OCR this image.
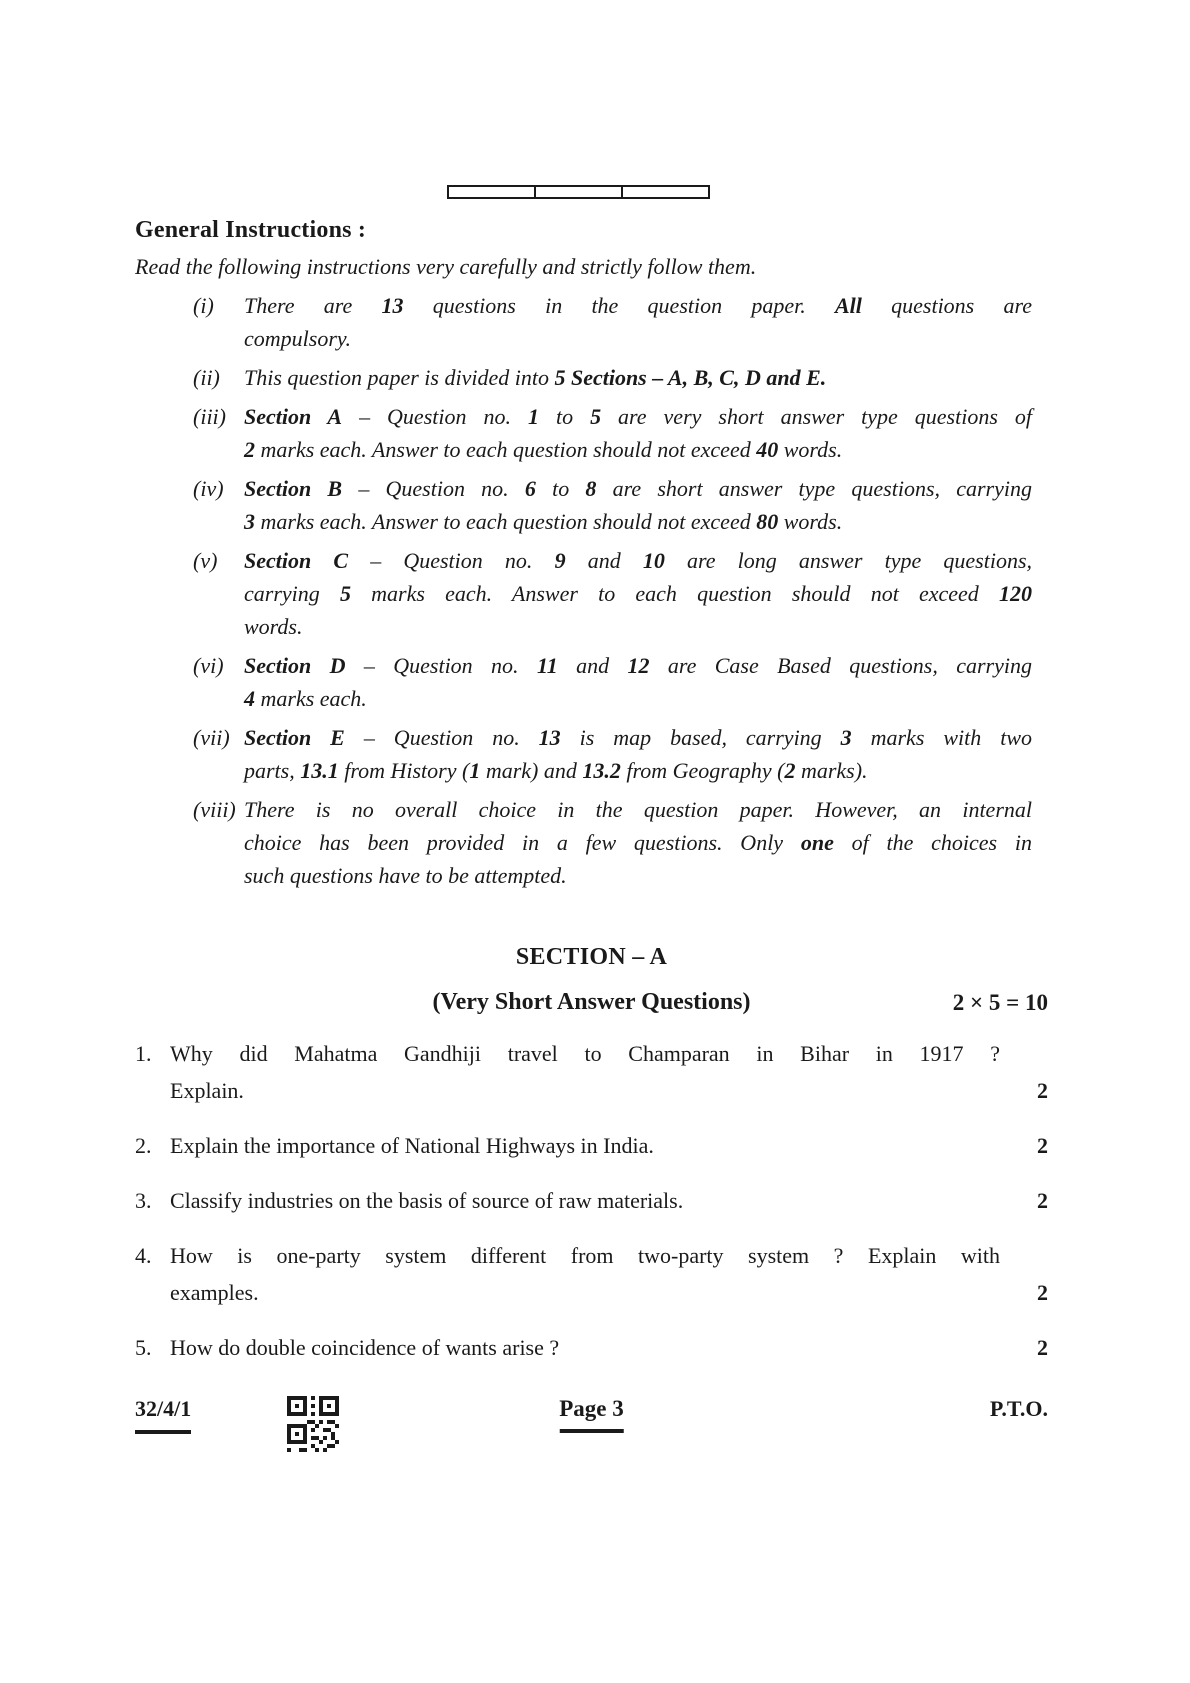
General Instructions :

Read the following instructions very carefully and strictly follow them.

(i)	There are 13 questions in the question paper. All questions are
compulsory.
(ii)	This question paper is divided into 5 Sections – A, B, C, D and E.
(iii) Section A – Question no. 1 to 5 are very short answer type questions of
2 marks each. Answer to each question should not exceed 40 words.
(iv) Section B – Question no. 6 to 8 are short answer type questions, carrying
3 marks each. Answer to each question should not exceed 80 words.
(v)	Section C – Question no. 9 and 10 are long answer type questions,
carrying 5 marks each. Answer to each question should not exceed 120
words.
(vi) Section D – Question no. 11 and 12 are Case Based questions, carrying
4 marks each.
(vii) Section E – Question no. 13 is map based, carrying 3 marks with two
parts, 13.1 from History (1 mark) and 13.2 from Geography (2 marks).
(viii) There is no overall choice in the question paper. However, an internal
choice has been provided in a few questions. Only one of the choices in
such questions have to be attempted.
SECTION – A
(Very Short Answer Questions)	2 × 5 = 10
1. Why did Mahatma Gandhiji travel to Champaran in Bihar in 1917 ?
Explain.	2
2. Explain the importance of National Highways in India.	2
3. Classify industries on the basis of source of raw materials.	2
4. How is one-party system different from two-party system ? Explain with
examples.	2
5. How do double coincidence of wants arise ?	2
32/4/1	Page 3	P.T.O.
